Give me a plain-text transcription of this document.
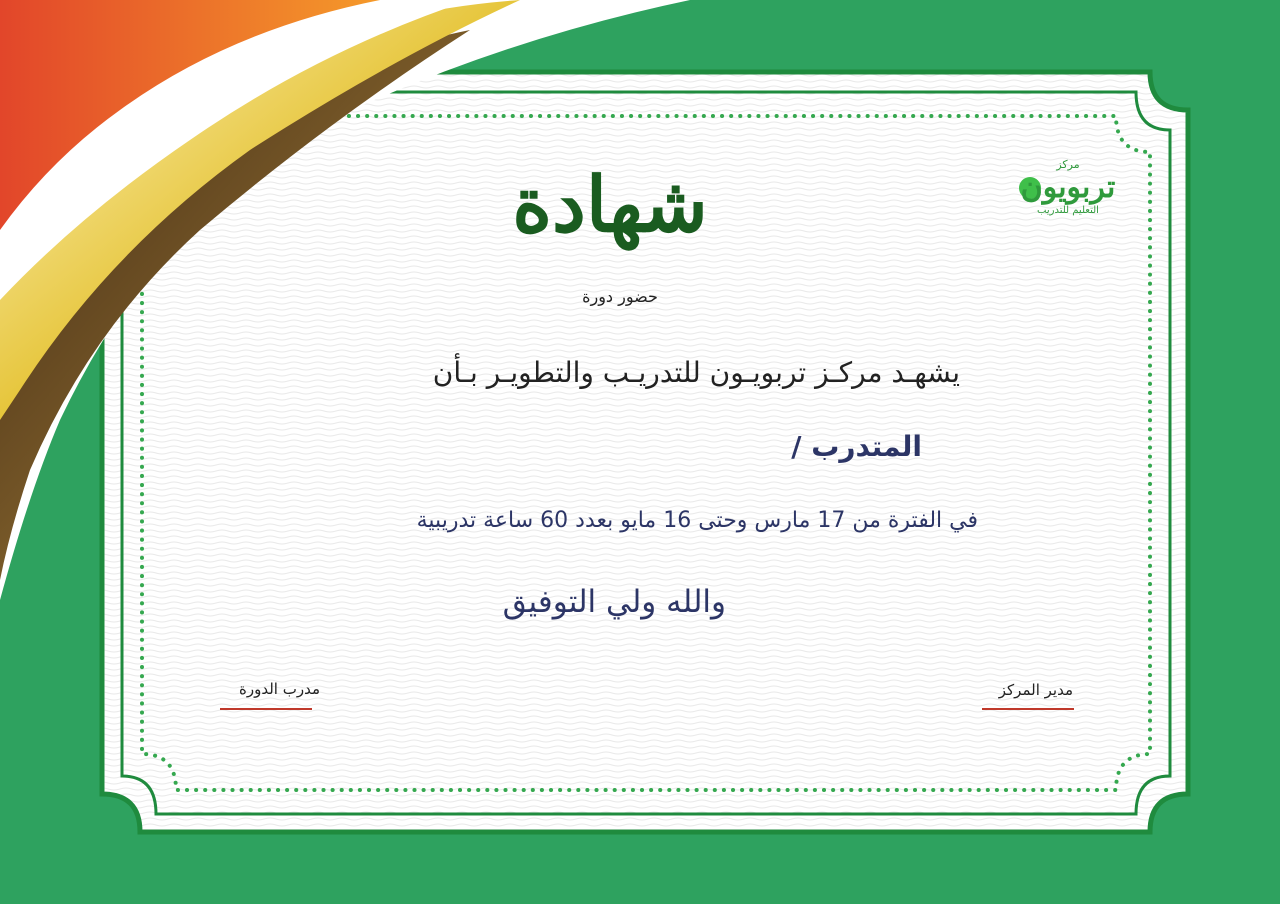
مركز
تربويون
التعليم للتدريب
شهادة
حضور دورة
يشهـد مركـز تربويـون للتدريـب والتطويـر بـأن
المتدرب /
في الفترة من 17 مارس وحتى 16 مايو بعدد 60 ساعة تدريبية
والله ولي التوفيق
مدرب الدورة	مدير المركز
